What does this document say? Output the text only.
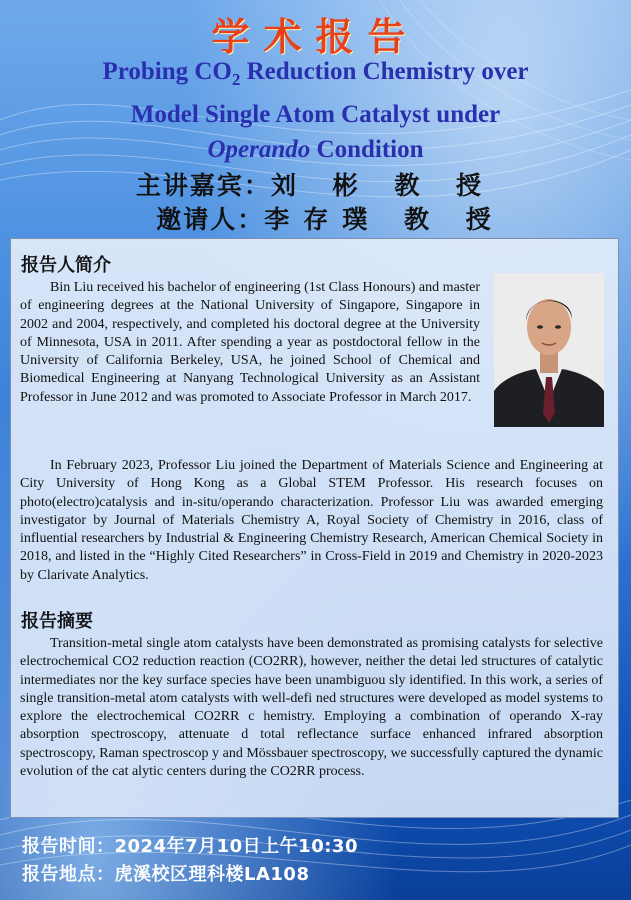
学术报告
Probing $CO_2$ Reduction Chemistry over
Model Single Atom Catalyst under
Operando Condition
主讲嘉宾：刘 彬 教 授
邀请人：李存璞 教 授
报告人简介

Bin Liu received his bachelor of engineering (1st Class Honours) and master of engineering degrees at the National University of Singapore, Singapore in 2002 and 2004, respectively, and completed his doctoral degree at the University of Minnesota, USA in 2011. After spending a year as postdoctoral fellow in the University of California Berkeley, USA, he joined School of Chemical and Biomedical Engineering at Nanyang Technological University as an Assistant Professor in June 2012 and was promoted to Associate Professor in March 2017.

In February 2023, Professor Liu joined the Department of Materials Science and Engineering at City University of Hong Kong as a Global STEM Professor. His research focuses on photo(electro)catalysis and in-situ/operando characterization. Professor Liu was awarded emerging investigator by Journal of Materials Chemistry A, Royal Society of Chemistry in 2016, class of influential researchers by Industrial & Engineering Chemistry Research, American Chemical Society in 2018, and listed in the “Highly Cited Researchers” in Cross-Field in 2019 and Chemistry in 2020-2023 by Clarivate Analytics.

报告摘要

Transition-metal single atom catalysts have been demonstrated as promising catalysts for selective electrochemical CO2 reduction reaction (CO2RR), however, neither the detai led structures of catalytic intermediates nor the key surface species have been unambiguou sly identified. In this work, a series of single transition-metal atom catalysts with well-defi ned structures were developed as model systems to explore the electrochemical CO2RR c hemistry. Employing a combination of operando X-ray absorption spectroscopy, attenuate d total reflectance surface enhanced infrared absorption spectroscopy, Raman spectroscop y and Mössbauer spectroscopy, we successfully captured the dynamic evolution of the cat alytic centers during the CO2RR process.

报告时间：2024年7月10日上午10:30
报告地点：虎溪校区理科楼LA108
